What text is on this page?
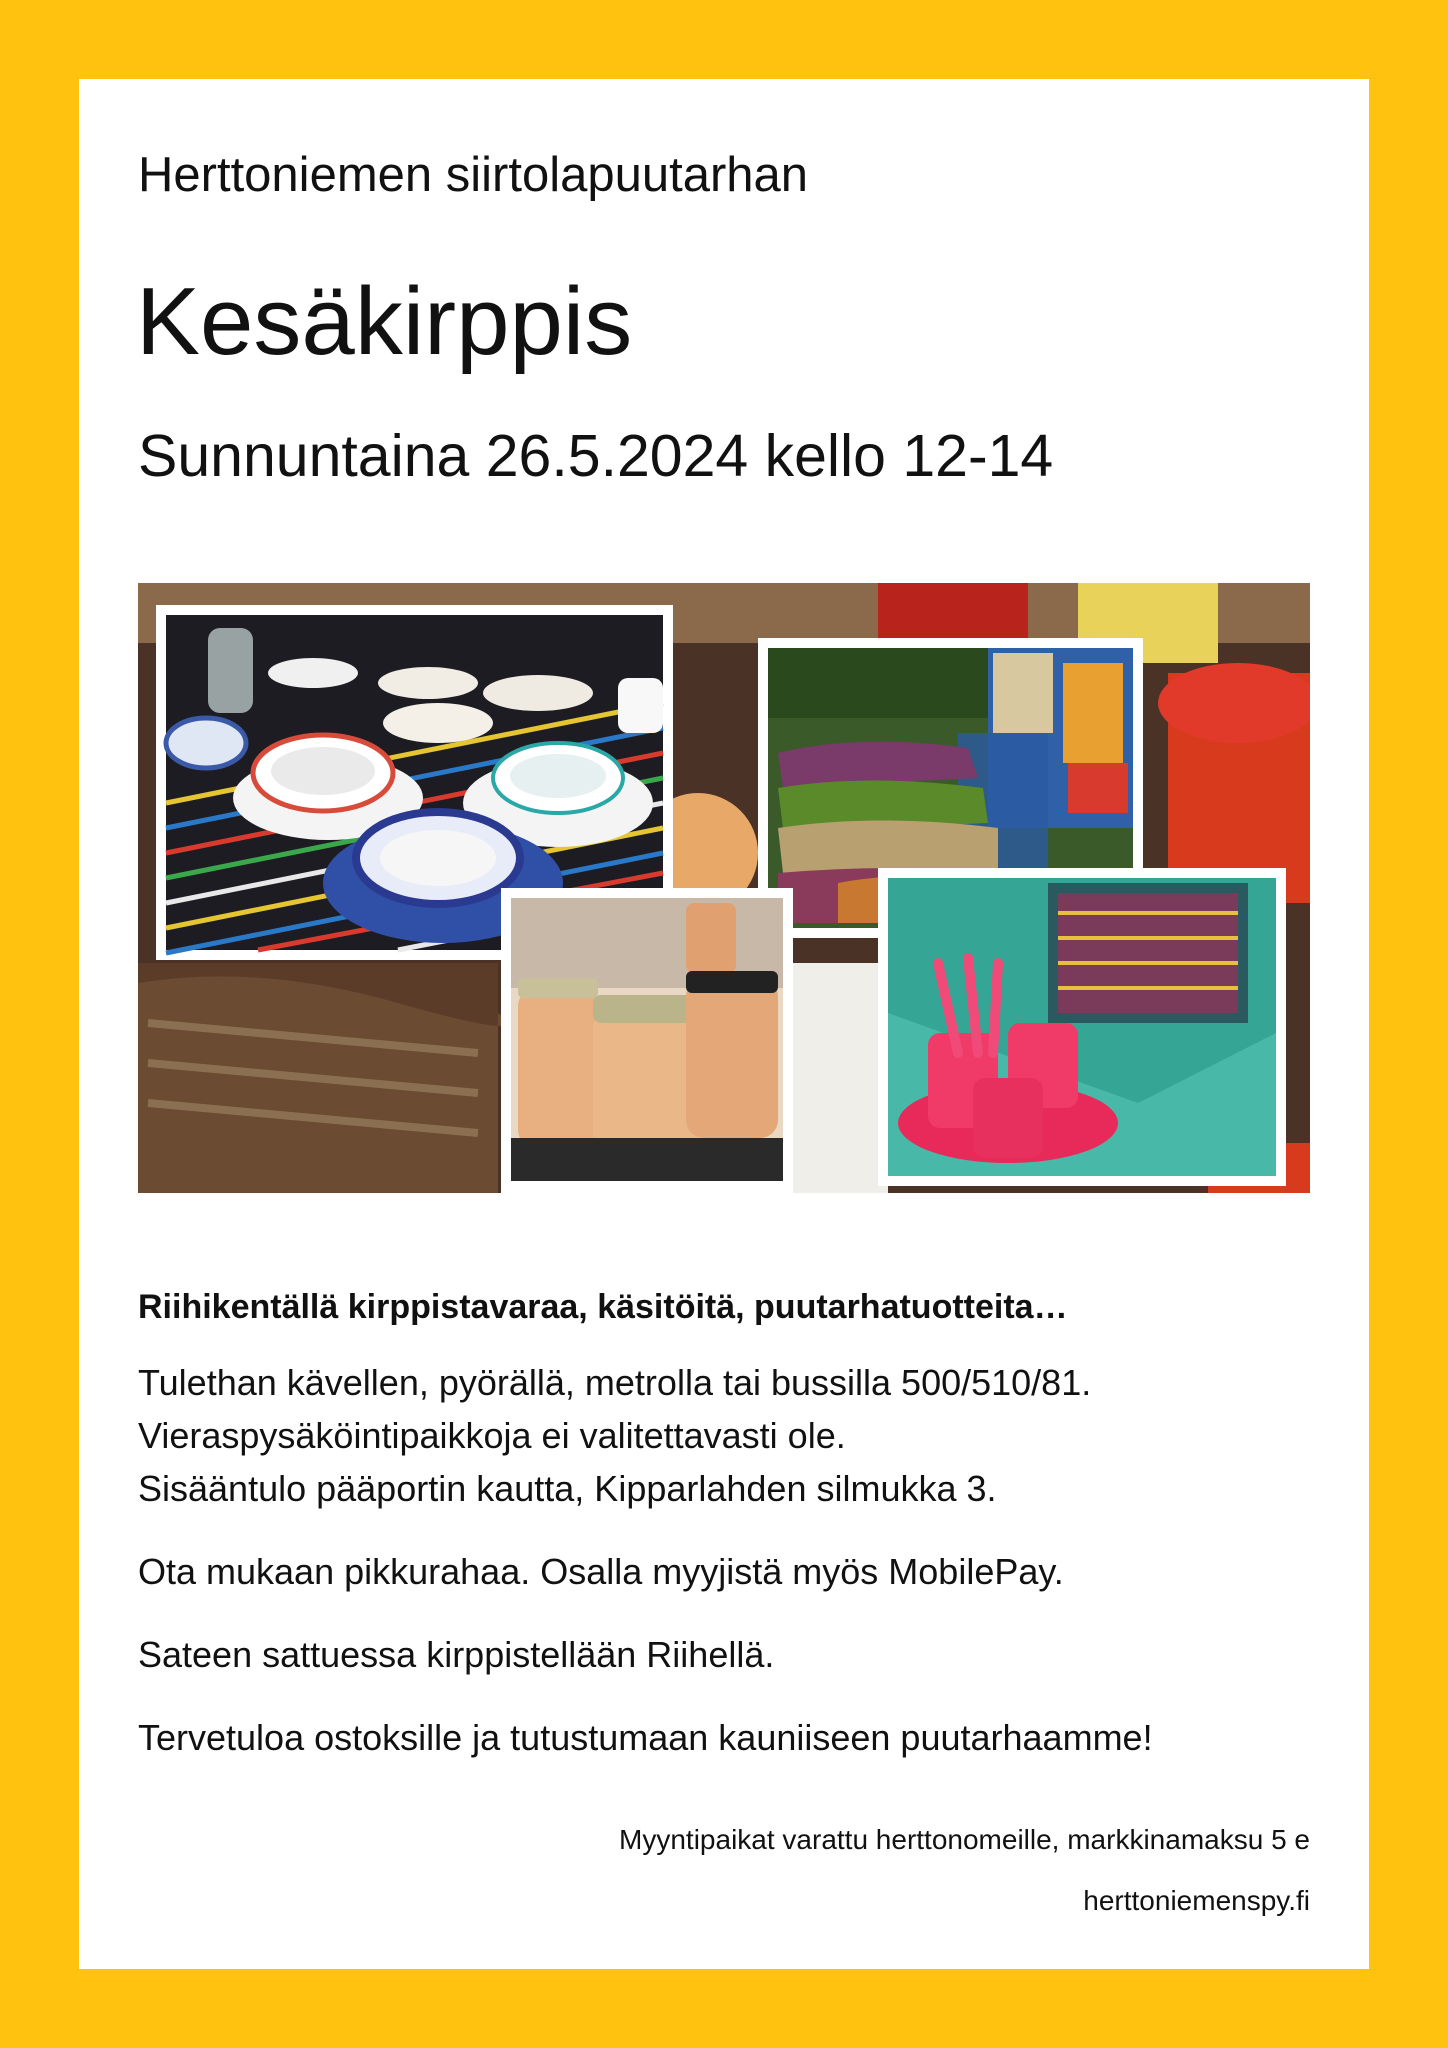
Herttoniemen siirtolapuutarhan
Kesäkirppis
Sunnuntaina 26.5.2024 kello 12-14

Riihikentällä kirppistavaraa, käsitöitä, puutarhatuotteita…

Tulethan kävellen, pyörällä, metrolla tai bussilla 500/510/81.
Vieraspysäköintipaikkoja ei valitettavasti ole.
Sisääntulo pääportin kautta, Kipparlahden silmukka 3.

Ota mukaan pikkurahaa. Osalla myyjistä myös MobilePay.

Sateen sattuessa kirppistellään Riihellä.

Tervetuloa ostoksille ja tutustumaan kauniiseen puutarhaamme!

Myyntipaikat varattu herttonomeille, markkinamaksu 5 e
herttoniemenspy.fi
